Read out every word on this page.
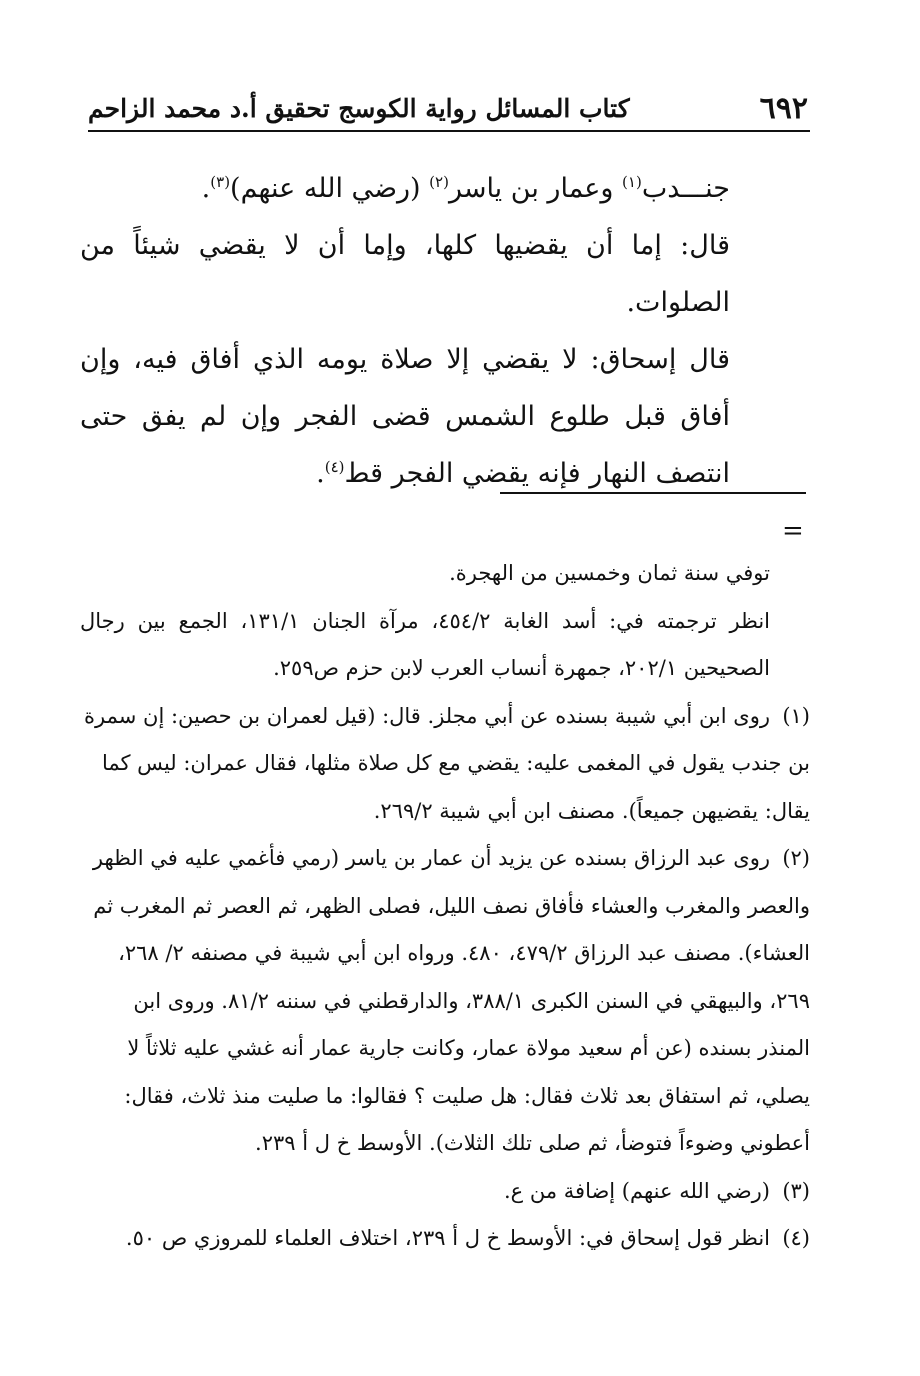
٦٩٢
كتاب المسائل رواية الكوسج تحقيق أ.د محمد الزاحم

جنـــدب$^{(١)}$ وعمار بن ياسر$^{(٢)}$ (رضي الله عنهم)$^{(٣)}$.

قال: إما أن يقضيها كلها، وإما أن لا يقضي شيئاً من الصلوات.

قال إسحاق: لا يقضي إلا صلاة يومه الذي أفاق فيه، وإن أفاق قبل طلوع الشمس قضى الفجر وإن لم يفق حتى انتصف النهار فإنه يقضي الفجر قط$^{(٤)}$.

=

توفي سنة ثمان وخمسين من الهجرة.

انظر ترجمته في: أسد الغابة ٤٥٤/٢، مرآة الجنان ١٣١/١، الجمع بين رجال الصحيحين ٢٠٢/١، جمهرة أنساب العرب لابن حزم ص٢٥٩.

(١)روى ابن أبي شيبة بسنده عن أبي مجلز. قال: (قيل لعمران بن حصين: إن سمرة بن جندب يقول في المغمى عليه: يقضي مع كل صلاة مثلها، فقال عمران: ليس كما يقال: يقضيهن جميعاً). مصنف ابن أبي شيبة ٢٦٩/٢.

(٢)روى عبد الرزاق بسنده عن يزيد أن عمار بن ياسر (رمي فأغمي عليه في الظهر والعصر والمغرب والعشاء فأفاق نصف الليل، فصلى الظهر، ثم العصر ثم المغرب ثم العشاء). مصنف عبد الرزاق ٤٧٩/٢، ٤٨٠. ورواه ابن أبي شيبة في مصنفه ٢/ ٢٦٨، ٢٦٩، والبيهقي في السنن الكبرى ٣٨٨/١، والدارقطني في سننه ٨١/٢. وروى ابن المنذر بسنده (عن أم سعيد مولاة عمار، وكانت جارية عمار أنه غشي عليه ثلاثاً لا يصلي، ثم استفاق بعد ثلاث فقال: هل صليت ؟ فقالوا: ما صليت منذ ثلاث، فقال: أعطوني وضوءاً فتوضأ، ثم صلى تلك الثلاث). الأوسط خ ل أ ٢٣٩.

(٣)(رضي الله عنهم) إضافة من ع.

(٤)انظر قول إسحاق في: الأوسط خ ل أ ٢٣٩، اختلاف العلماء للمروزي ص ٥٠.
